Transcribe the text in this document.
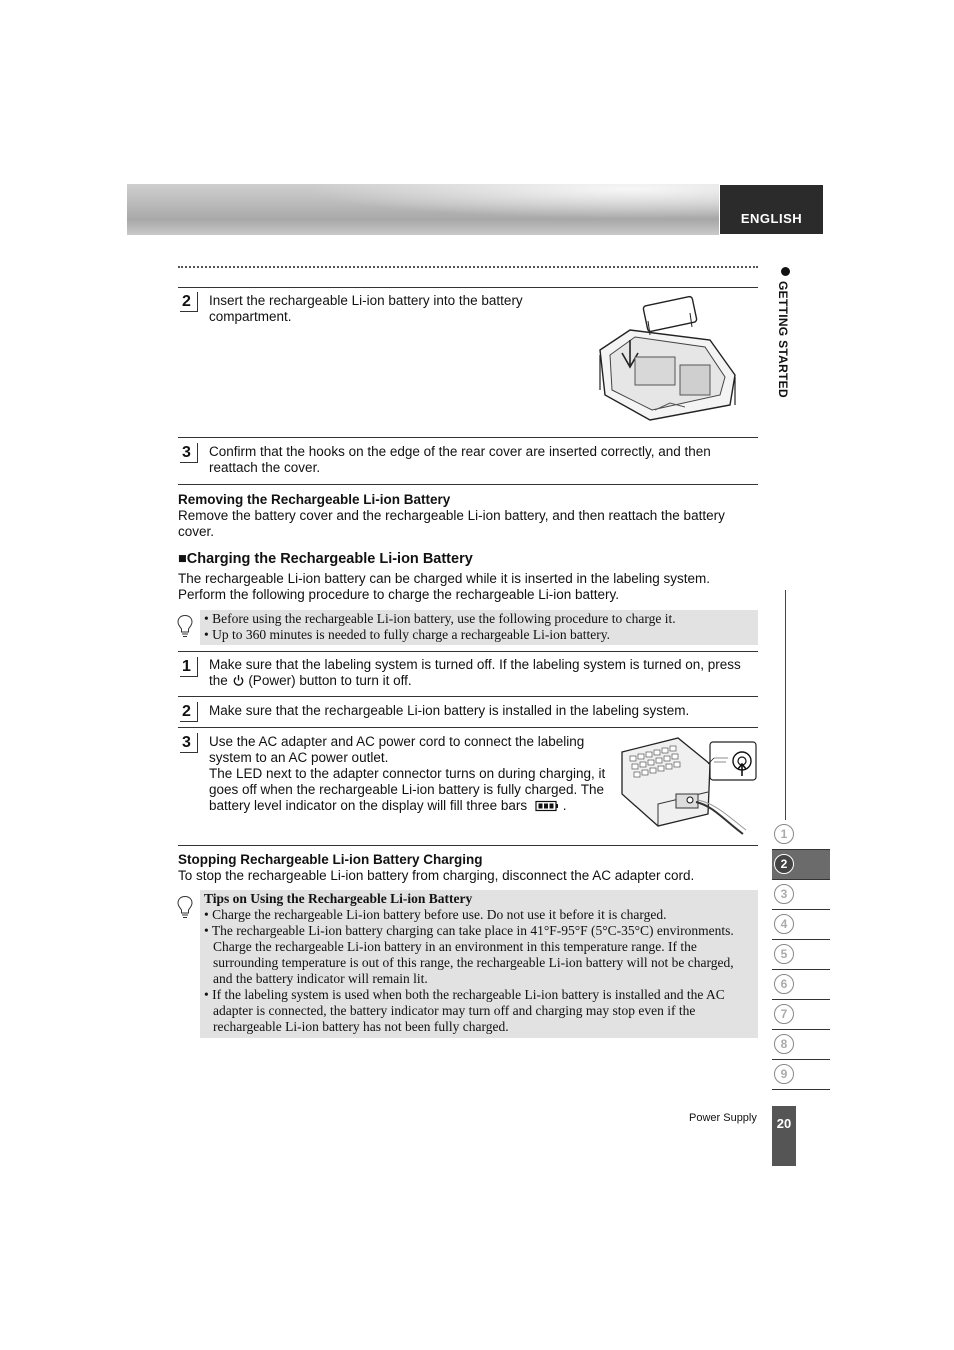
ENGLISH
GETTING STARTED
2	Insert the rechargeable Li-ion battery into the battery compartment.
3	Confirm that the hooks on the edge of the rear cover are inserted correctly, and then reattach the cover.
Removing the Rechargeable Li-ion Battery
Remove the battery cover and the rechargeable Li-ion battery, and then reattach the battery cover.
■Charging the Rechargeable Li-ion Battery
The rechargeable Li-ion battery can be charged while it is inserted in the labeling system. Perform the following procedure to charge the rechargeable Li-ion battery.
• Before using the rechargeable Li-ion battery, use the following procedure to charge it.
• Up to 360 minutes is needed to fully charge a rechargeable Li-ion battery.
1	Make sure that the labeling system is turned off. If the labeling system is turned on, press the (Power) button to turn it off.
2	Make sure that the rechargeable Li-ion battery is installed in the labeling system.
3	Use the AC adapter and AC power cord to connect the labeling system to an AC power outlet.
The LED next to the adapter connector turns on during charging, it goes off when the rechargeable Li-ion battery is fully charged. The battery level indicator on the display will fill three bars	.
Stopping Rechargeable Li-ion Battery Charging
To stop the rechargeable Li-ion battery from charging, disconnect the AC adapter cord.
Tips on Using the Rechargeable Li-ion Battery
• Charge the rechargeable Li-ion battery before use. Do not use it before it is charged.
• The rechargeable Li-ion battery charging can take place in 41°F-95°F (5°C-35°C) environments. Charge the rechargeable Li-ion battery in an environment in this temperature range. If the surrounding temperature is out of this range, the rechargeable Li-ion battery will not be charged, and the battery indicator will remain lit.
• If the labeling system is used when both the rechargeable Li-ion battery is installed and the AC adapter is connected, the battery indicator may turn off and charging may stop even if the rechargeable Li-ion battery has not been fully charged.
1
2
3
4
5
6
7
8
9
Power Supply	20
